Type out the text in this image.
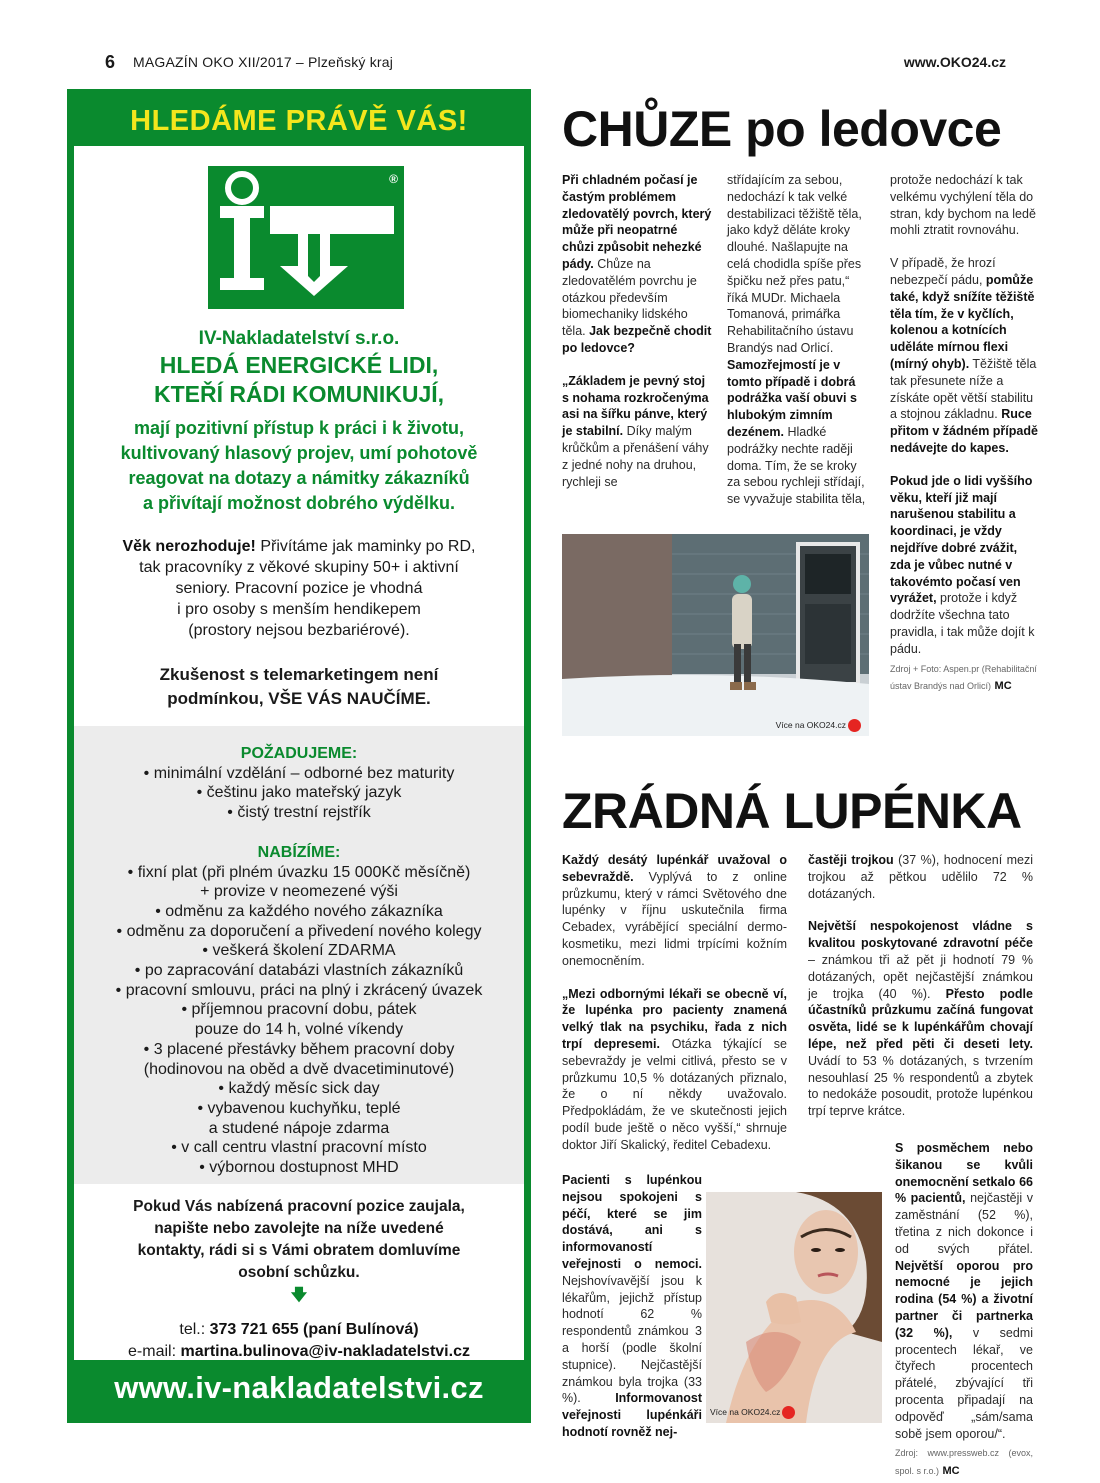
6 MAGAZÍN OKO XII/2017 – Plzeňský kraj	www.OKO24.cz
HLEDÁME PRÁVĚ VÁS!
®
IV-Nakladatelství s.r.o.
HLEDÁ ENERGICKÉ LIDI,
KTEŘÍ RÁDI KOMUNIKUJÍ,
mají pozitivní přístup k práci i k životu,
kultivovaný hlasový projev, umí pohotově
reagovat na dotazy a námitky zákazníků
a přivítají možnost dobrého výdělku.
Věk nerozhoduje! Přivítáme jak maminky po RD,
tak pracovníky z věkové skupiny 50+ i aktivní
seniory. Pracovní pozice je vhodná
i pro osoby s menším hendikepem
(prostory nejsou bezbariérové).
Zkušenost s telemarketingem není
podmínkou, VŠE VÁS NAUČÍME.
POŽADUJEME:
• minimální vzdělání – odborné bez maturity
• češtinu jako mateřský jazyk
• čistý trestní rejstřík
NABÍZÍME:
• fixní plat (při plném úvazku 15 000Kč měsíčně)
+ provize v neomezené výši
• odměnu za každého nového zákazníka
• odměnu za doporučení a přivedení nového kolegy
• veškerá školení ZDARMA
• po zapracování databázi vlastních zákazníků
• pracovní smlouvu, práci na plný i zkrácený úvazek
• příjemnou pracovní dobu, pátek
pouze do 14 h, volné víkendy
• 3 placené přestávky během pracovní doby
(hodinovou na oběd a dvě dvacetiminutové)
• každý měsíc sick day
• vybavenou kuchyňku, teplé
a studené nápoje zdarma
• v call centru vlastní pracovní místo
• výbornou dostupnost MHD
Pokud Vás nabízená pracovní pozice zaujala,
napište nebo zavolejte na níže uvedené
kontakty, rádi si s Vámi obratem domluvíme
osobní schůzku.
🡇
tel.: 373 721 655 (paní Bulínová)
e-mail: martina.bulinova@iv-nakladatelstvi.cz
www.iv-nakladatelstvi.cz
CHŮZE po ledovce

Při chladném počasí je častým problémem zledovatělý povrch, který může při neopatrné chůzi způsobit nehezké pády. Chůze na zledovatělém povrchu je otázkou především biomechaniky lidského těla. Jak bezpečně chodit po ledovce?

„Základem je pevný stoj s nohama rozkročenýma asi na šířku pánve, který je stabilní. Díky malým krůčkům a přenášení váhy z jedné nohy na druhou, rychleji se

střídajícím za sebou, nedochází k tak velké destabilizaci těžiště těla, jako když děláte kroky dlouhé. Našlapujte na celá chodidla spíše přes špičku než přes patu,“ říká MUDr. Michaela Tomanová, primářka Rehabilitačního ústavu Brandýs nad Orlicí. Samozřejmostí je v tomto případě i dobrá podrážka vaší obuvi s hlubokým zimním dezénem. Hladké podrážky nechte raději doma. Tím, že se kroky za sebou rychleji střídají, se vyvažuje stabilita těla,

Více na OKO24.cz

protože nedochází k tak velkému vychýlení těla do stran, kdy bychom na ledě mohli ztratit rovnováhu.

V případě, že hrozí nebezpečí pádu, pomůže také, když snížíte těžiště těla tím, že v kyčlích, kolenou a kotnících uděláte mírnou flexi (mírný ohyb). Těžiště těla tak přesunete níže a získáte opět větší stabilitu a stojnou základnu. Ruce přitom v žádném případě nedávejte do kapes.

Pokud jde o lidi vyššího věku, kteří již mají narušenou stabilitu a koordinaci, je vždy nejdříve dobré zvážit, zda je vůbec nutné v takovémto počasí ven vyrážet, protože i když dodržíte všechna tato pravidla, i tak může dojít k pádu.

Zdroj + Foto: Aspen.pr (Rehabilitační ústav Brandýs nad Orlicí) MC
ZRÁDNÁ LUPÉNKA

Každý desátý lupénkář uvažoval o sebevraždě. Vyplývá to z online průzkumu, který v rámci Světového dne lupénky v říjnu uskutečnila firma Cebadex, vyrábějící speciální dermo-kosmetiku, mezi lidmi trpícími kožním onemocněním.

„Mezi odbornými lékaři se obecně ví, že lupénka pro pacienty znamená velký tlak na psychiku, řada z nich trpí depresemi. Otázka týkající se sebevraždy je velmi citlivá, přesto se v průzkumu 10,5 % dotázaných přiznalo, že o ní někdy uvažovalo. Předpokládám, že ve skutečnosti jejich podíl bude ještě o něco vyšší,“ shrnuje doktor Jiří Skalický, ředitel Cebadexu.

Pacienti s lupénkou nejsou spokojeni s péčí, které se jim dostává, ani s informovaností veřejnosti o nemoci. Nejshovívavější jsou k lékařům, jejichž přístup hodnotí 62 % respondentů známkou 3 a horší (podle školní stupnice). Nejčastější známkou byla trojka (33 %). Informovanost veřejnosti lupénkáři hodnotí rovněž nej-

Více na OKO24.cz

častěji trojkou (37 %), hodnocení mezi trojkou až pětkou udělilo 72 % dotázaných.

Největší nespokojenost vládne s kvalitou poskytované zdravotní péče – známkou tři až pět ji hodnotí 79 % dotázaných, opět nejčastější známkou je trojka (40 %). Přesto podle účastníků průzkumu začíná fungovat osvěta, lidé se k lupénkářům chovají lépe, než před pěti či deseti lety. Uvádí to 53 % dotázaných, s tvrzením nesouhlasí 25 % respondentů a zbytek to nedokáže posoudit, protože lupénkou trpí teprve krátce.

S posměchem nebo šikanou se kvůli onemocnění setkalo 66 % pacientů, nejčastěji v zaměstnání (52 %), třetina z nich dokonce i od svých přátel. Největší oporou pro nemocné je jejich rodina (54 %) a životní partner či partnerka (32 %), v sedmi procentech lékař, ve čtyřech procentech přátelé, zbývající tři procenta připadají na odpověď „sám/sama sobě jsem oporou/“.

Zdroj: www.pressweb.cz (evox, spol. s r.o.) MC
